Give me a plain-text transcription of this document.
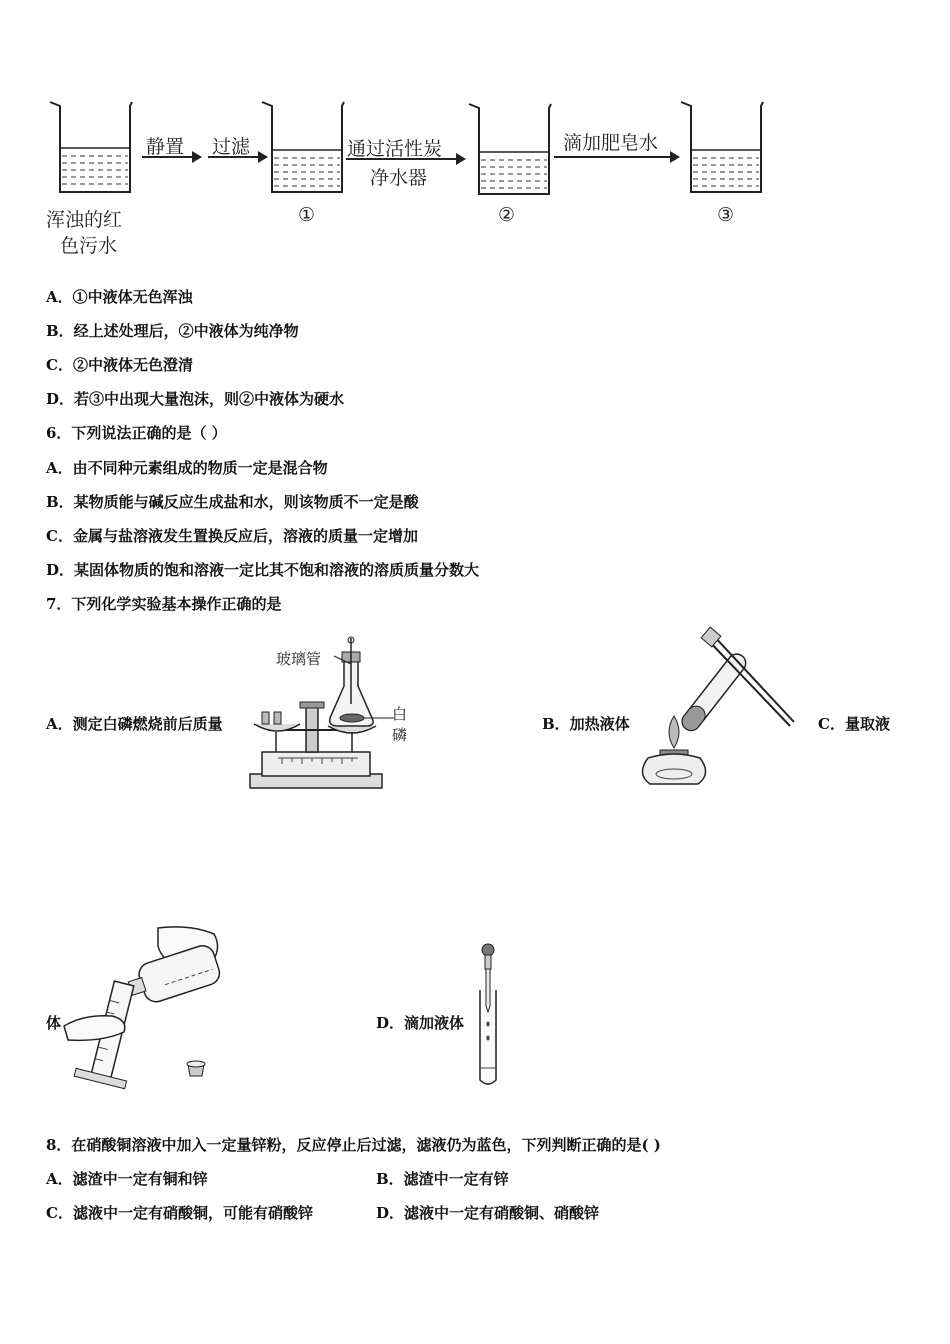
浑浊的红
色污水
静置 过滤
①
通过活性炭
净水器
②
滴加肥皂水
③
A．①中液体无色浑浊
B．经上述处理后，②中液体为纯净物
C．②中液体无色澄清
D．若③中出现大量泡沫，则②中液体为硬水
6．下列说法正确的是（ ）
A．由不同种元素组成的物质一定是混合物
B．某物质能与碱反应生成盐和水，则该物质不一定是酸
C．金属与盐溶液发生置换反应后，溶液的质量一定增加
D．某固体物质的饱和溶液一定比其不饱和溶液的溶质质量分数大
7．下列化学实验基本操作正确的是
A．测定白磷燃烧前后质量
玻璃管
白
磷
B．加热液体	C．量取液
体	D．滴加液体
8．在硝酸铜溶液中加入一定量锌粉，反应停止后过滤，滤液仍为蓝色，下列判断正确的是( )
A．滤渣中一定有铜和锌	B．滤渣中一定有锌
C．滤液中一定有硝酸铜，可能有硝酸锌	D．滤液中一定有硝酸铜、硝酸锌
